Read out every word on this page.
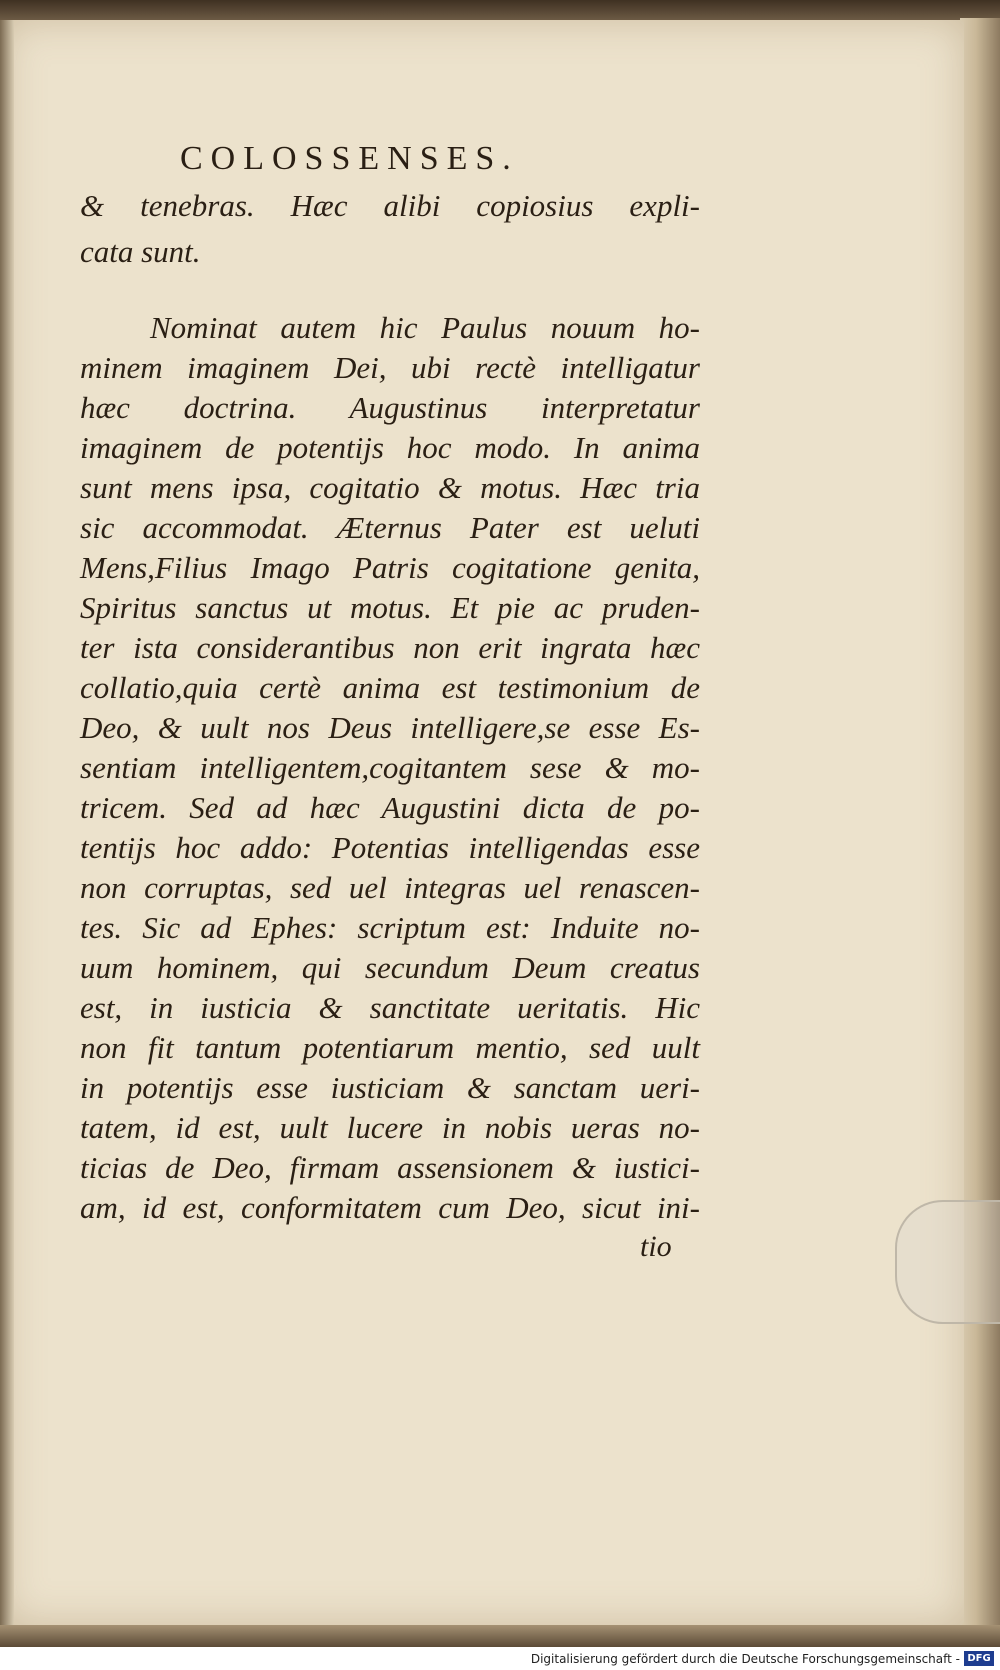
COLOSSENSES.
& tenebras. Hæc alibi copiosius expli-
cata sunt.
Nominat autem hic Paulus nouum ho-
minem imaginem Dei, ubi rectè intelligatur
hæc doctrina. Augustinus interpretatur
imaginem de potentijs hoc modo. In anima
sunt mens ipsa, cogitatio & motus. Hæc tria
sic accommodat. Æternus Pater est ueluti
Mens,Filius Imago Patris cogitatione genita,
Spiritus sanctus ut motus. Et pie ac pruden-
ter ista considerantibus non erit ingrata hæc
collatio,quia certè anima est testimonium de
Deo, & uult nos Deus intelligere,se esse Es-
sentiam intelligentem,cogitantem sese & mo-
tricem. Sed ad hæc Augustini dicta de po-
tentijs hoc addo: Potentias intelligendas esse
non corruptas, sed uel integras uel renascen-
tes. Sic ad Ephes: scriptum est: Induite no-
uum hominem, qui secundum Deum creatus
est, in iusticia & sanctitate ueritatis. Hic
non fit tantum potentiarum mentio, sed uult
in potentijs esse iusticiam & sanctam ueri-
tatem, id est, uult lucere in nobis ueras no-
ticias de Deo, firmam assensionem & iustici-
am, id est, conformitatem cum Deo, sicut ini-
tio
Digitalisierung gefördert durch die Deutsche Forschungsgemeinschaft - DFG
